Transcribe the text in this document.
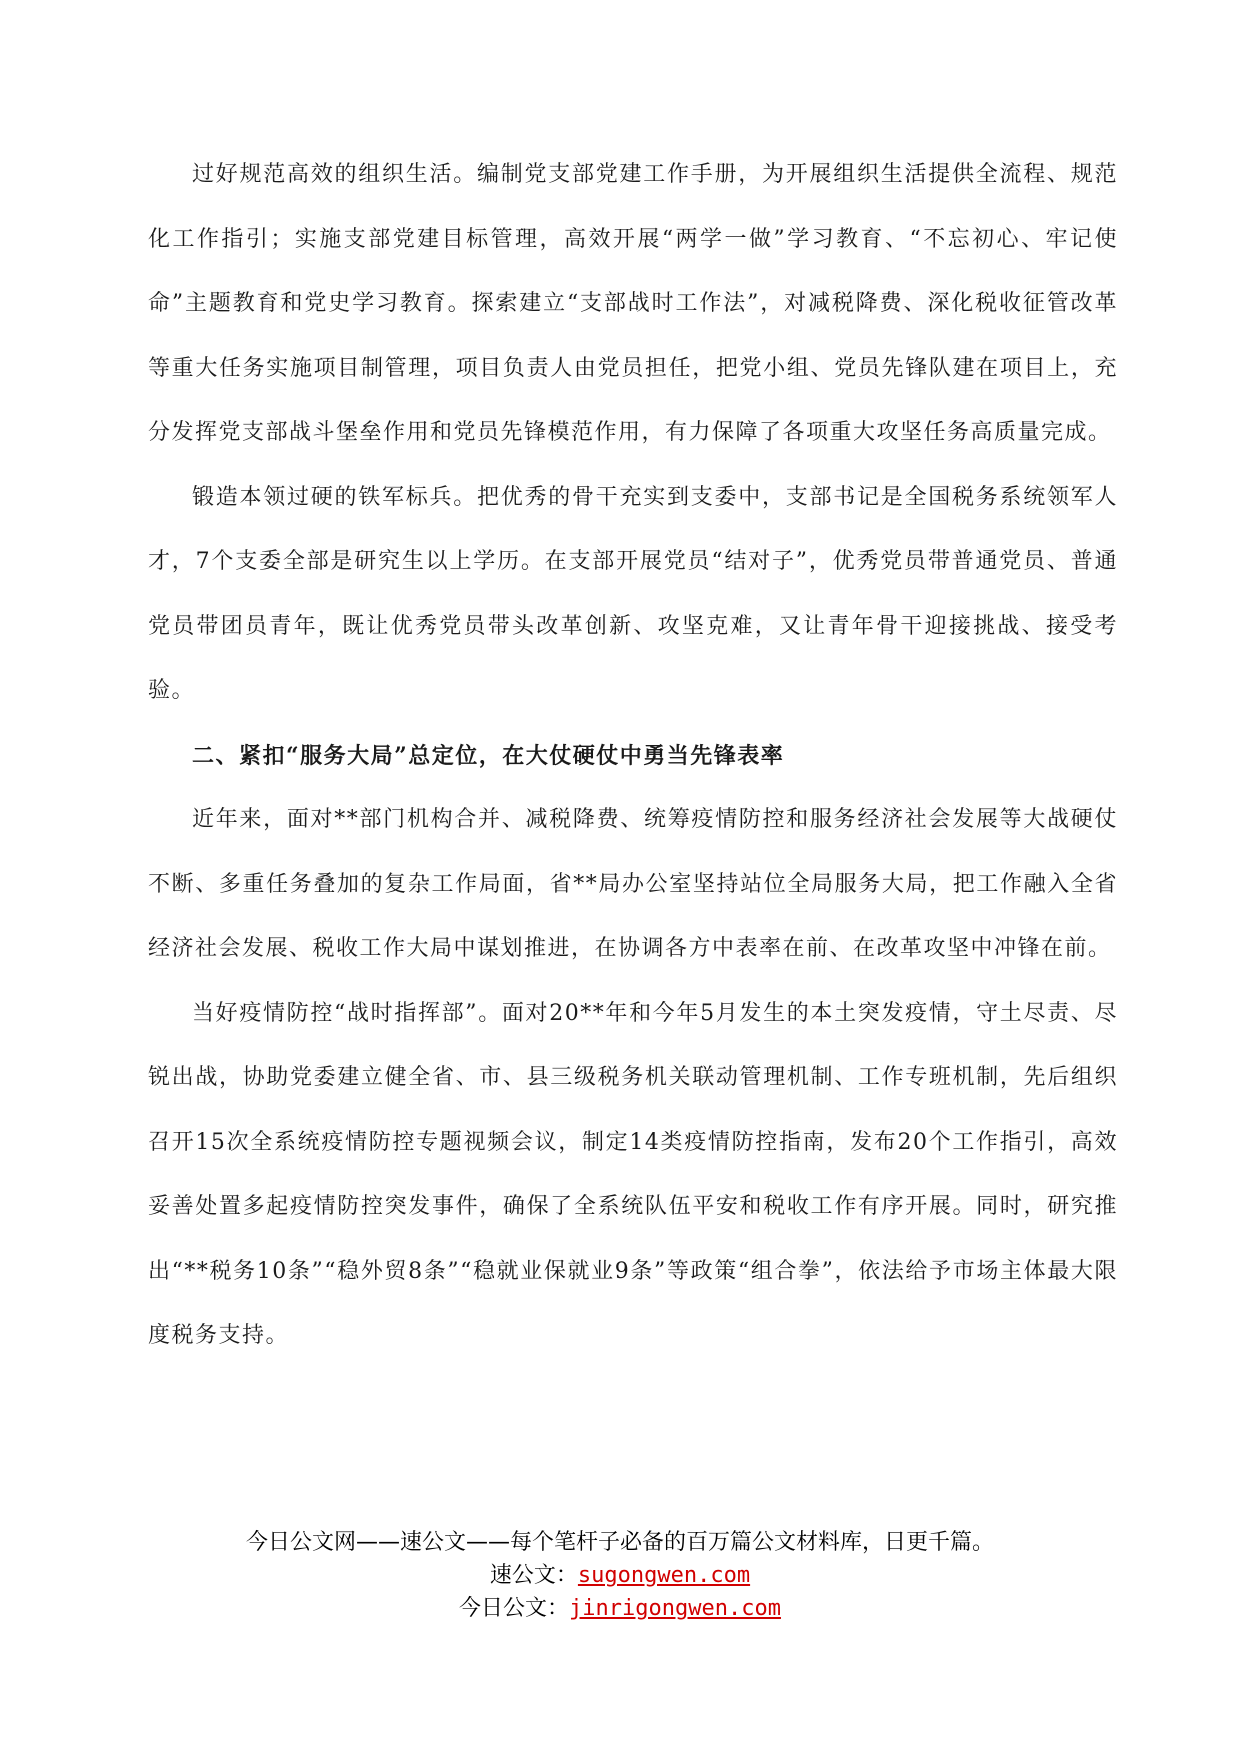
过好规范高效的组织生活。编制党支部党建工作手册，为开展组织生活提供全流程、规范化工作指引；实施支部党建目标管理，高效开展“两学一做”学习教育、“不忘初心、牢记使命”主题教育和党史学习教育。探索建立“支部战时工作法”，对减税降费、深化税收征管改革等重大任务实施项目制管理，项目负责人由党员担任，把党小组、党员先锋队建在项目上，充分发挥党支部战斗堡垒作用和党员先锋模范作用，有力保障了各项重大攻坚任务高质量完成。

锻造本领过硬的铁军标兵。把优秀的骨干充实到支委中，支部书记是全国税务系统领军人才，7个支委全部是研究生以上学历。在支部开展党员“结对子”，优秀党员带普通党员、普通党员带团员青年，既让优秀党员带头改革创新、攻坚克难，又让青年骨干迎接挑战、接受考验。

二、紧扣“服务大局”总定位，在大仗硬仗中勇当先锋表率

近年来，面对**部门机构合并、减税降费、统筹疫情防控和服务经济社会发展等大战硬仗不断、多重任务叠加的复杂工作局面，省**局办公室坚持站位全局服务大局，把工作融入全省经济社会发展、税收工作大局中谋划推进，在协调各方中表率在前、在改革攻坚中冲锋在前。

当好疫情防控“战时指挥部”。面对20**年和今年5月发生的本土突发疫情，守土尽责、尽锐出战，协助党委建立健全省、市、县三级税务机关联动管理机制、工作专班机制，先后组织召开15次全系统疫情防控专题视频会议，制定14类疫情防控指南，发布20个工作指引，高效妥善处置多起疫情防控突发事件，确保了全系统队伍平安和税收工作有序开展。同时，研究推出“**税务10条”“稳外贸8条”“稳就业保就业9条”等政策“组合拳”，依法给予市场主体最大限度税务支持。

今日公文网——速公文——每个笔杆子必备的百万篇公文材料库，日更千篇。
速公文：sugongwen.com
今日公文：jinrigongwen.com
